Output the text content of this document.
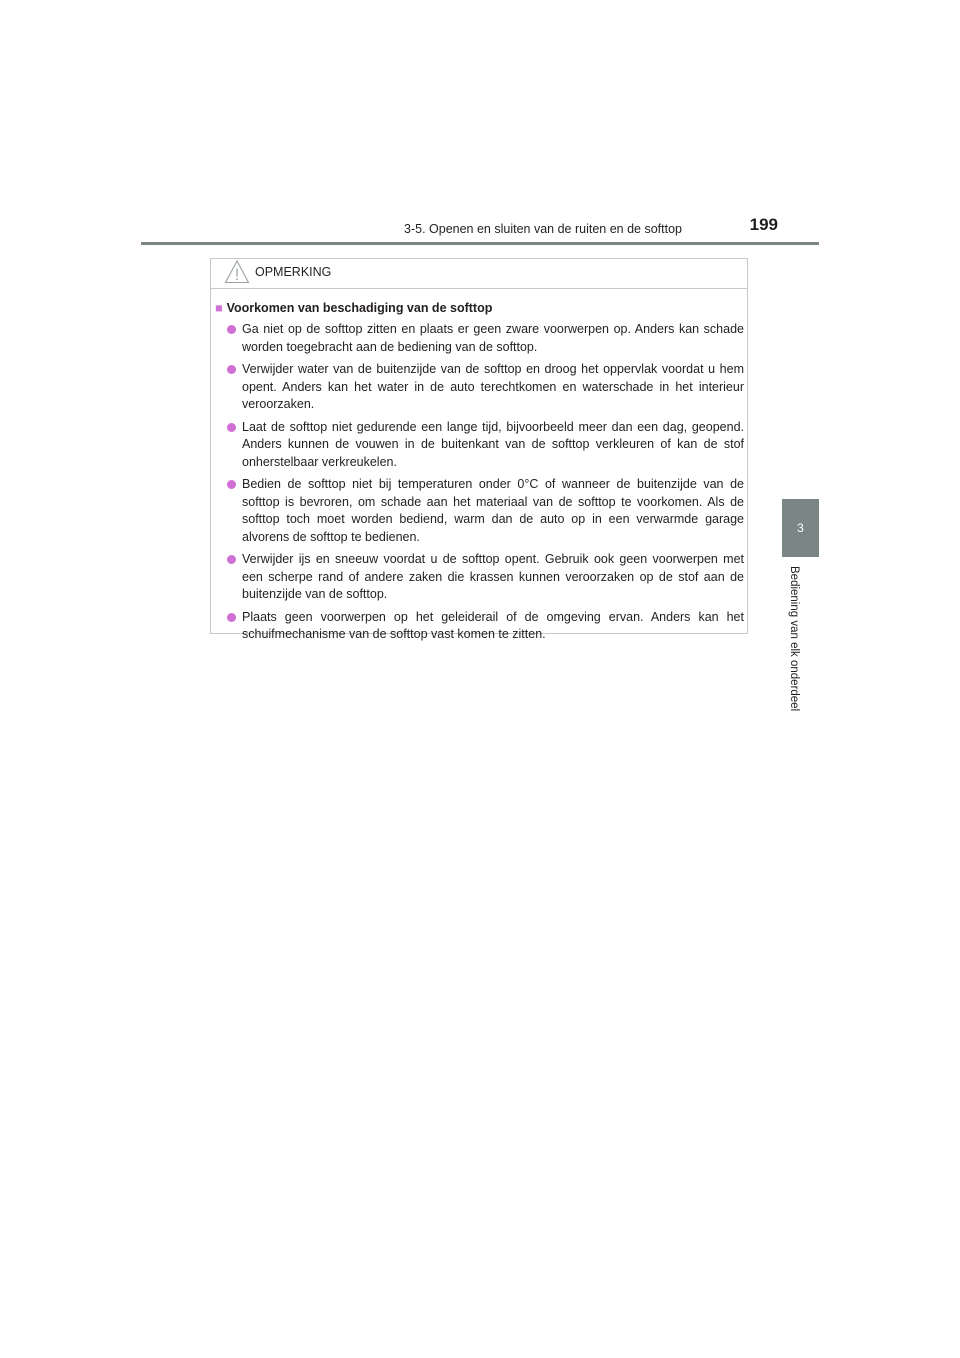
3-5. Openen en sluiten van de ruiten en de softtop	199
3
Bediening van elk onderdeel
OPMERKING
■ Voorkomen van beschadiging van de softtop
Ga niet op de softtop zitten en plaats er geen zware voorwerpen op. Anders kan schade worden toegebracht aan de bediening van de softtop.
Verwijder water van de buitenzijde van de softtop en droog het oppervlak voordat u hem opent. Anders kan het water in de auto terechtkomen en waterschade in het interieur veroorzaken.
Laat de softtop niet gedurende een lange tijd, bijvoorbeeld meer dan een dag, geopend. Anders kunnen de vouwen in de buitenkant van de softtop verkleuren of kan de stof onherstelbaar verkreukelen.
Bedien de softtop niet bij temperaturen onder 0°C of wanneer de buitenzijde van de softtop is bevroren, om schade aan het materiaal van de softtop te voorkomen. Als de softtop toch moet worden bediend, warm dan de auto op in een verwarmde garage alvorens de softtop te bedienen.
Verwijder ijs en sneeuw voordat u de softtop opent. Gebruik ook geen voorwerpen met een scherpe rand of andere zaken die krassen kunnen veroorzaken op de stof aan de buitenzijde van de softtop.
Plaats geen voorwerpen op het geleiderail of de omgeving ervan. Anders kan het schuifmechanisme van de softtop vast komen te zitten.
